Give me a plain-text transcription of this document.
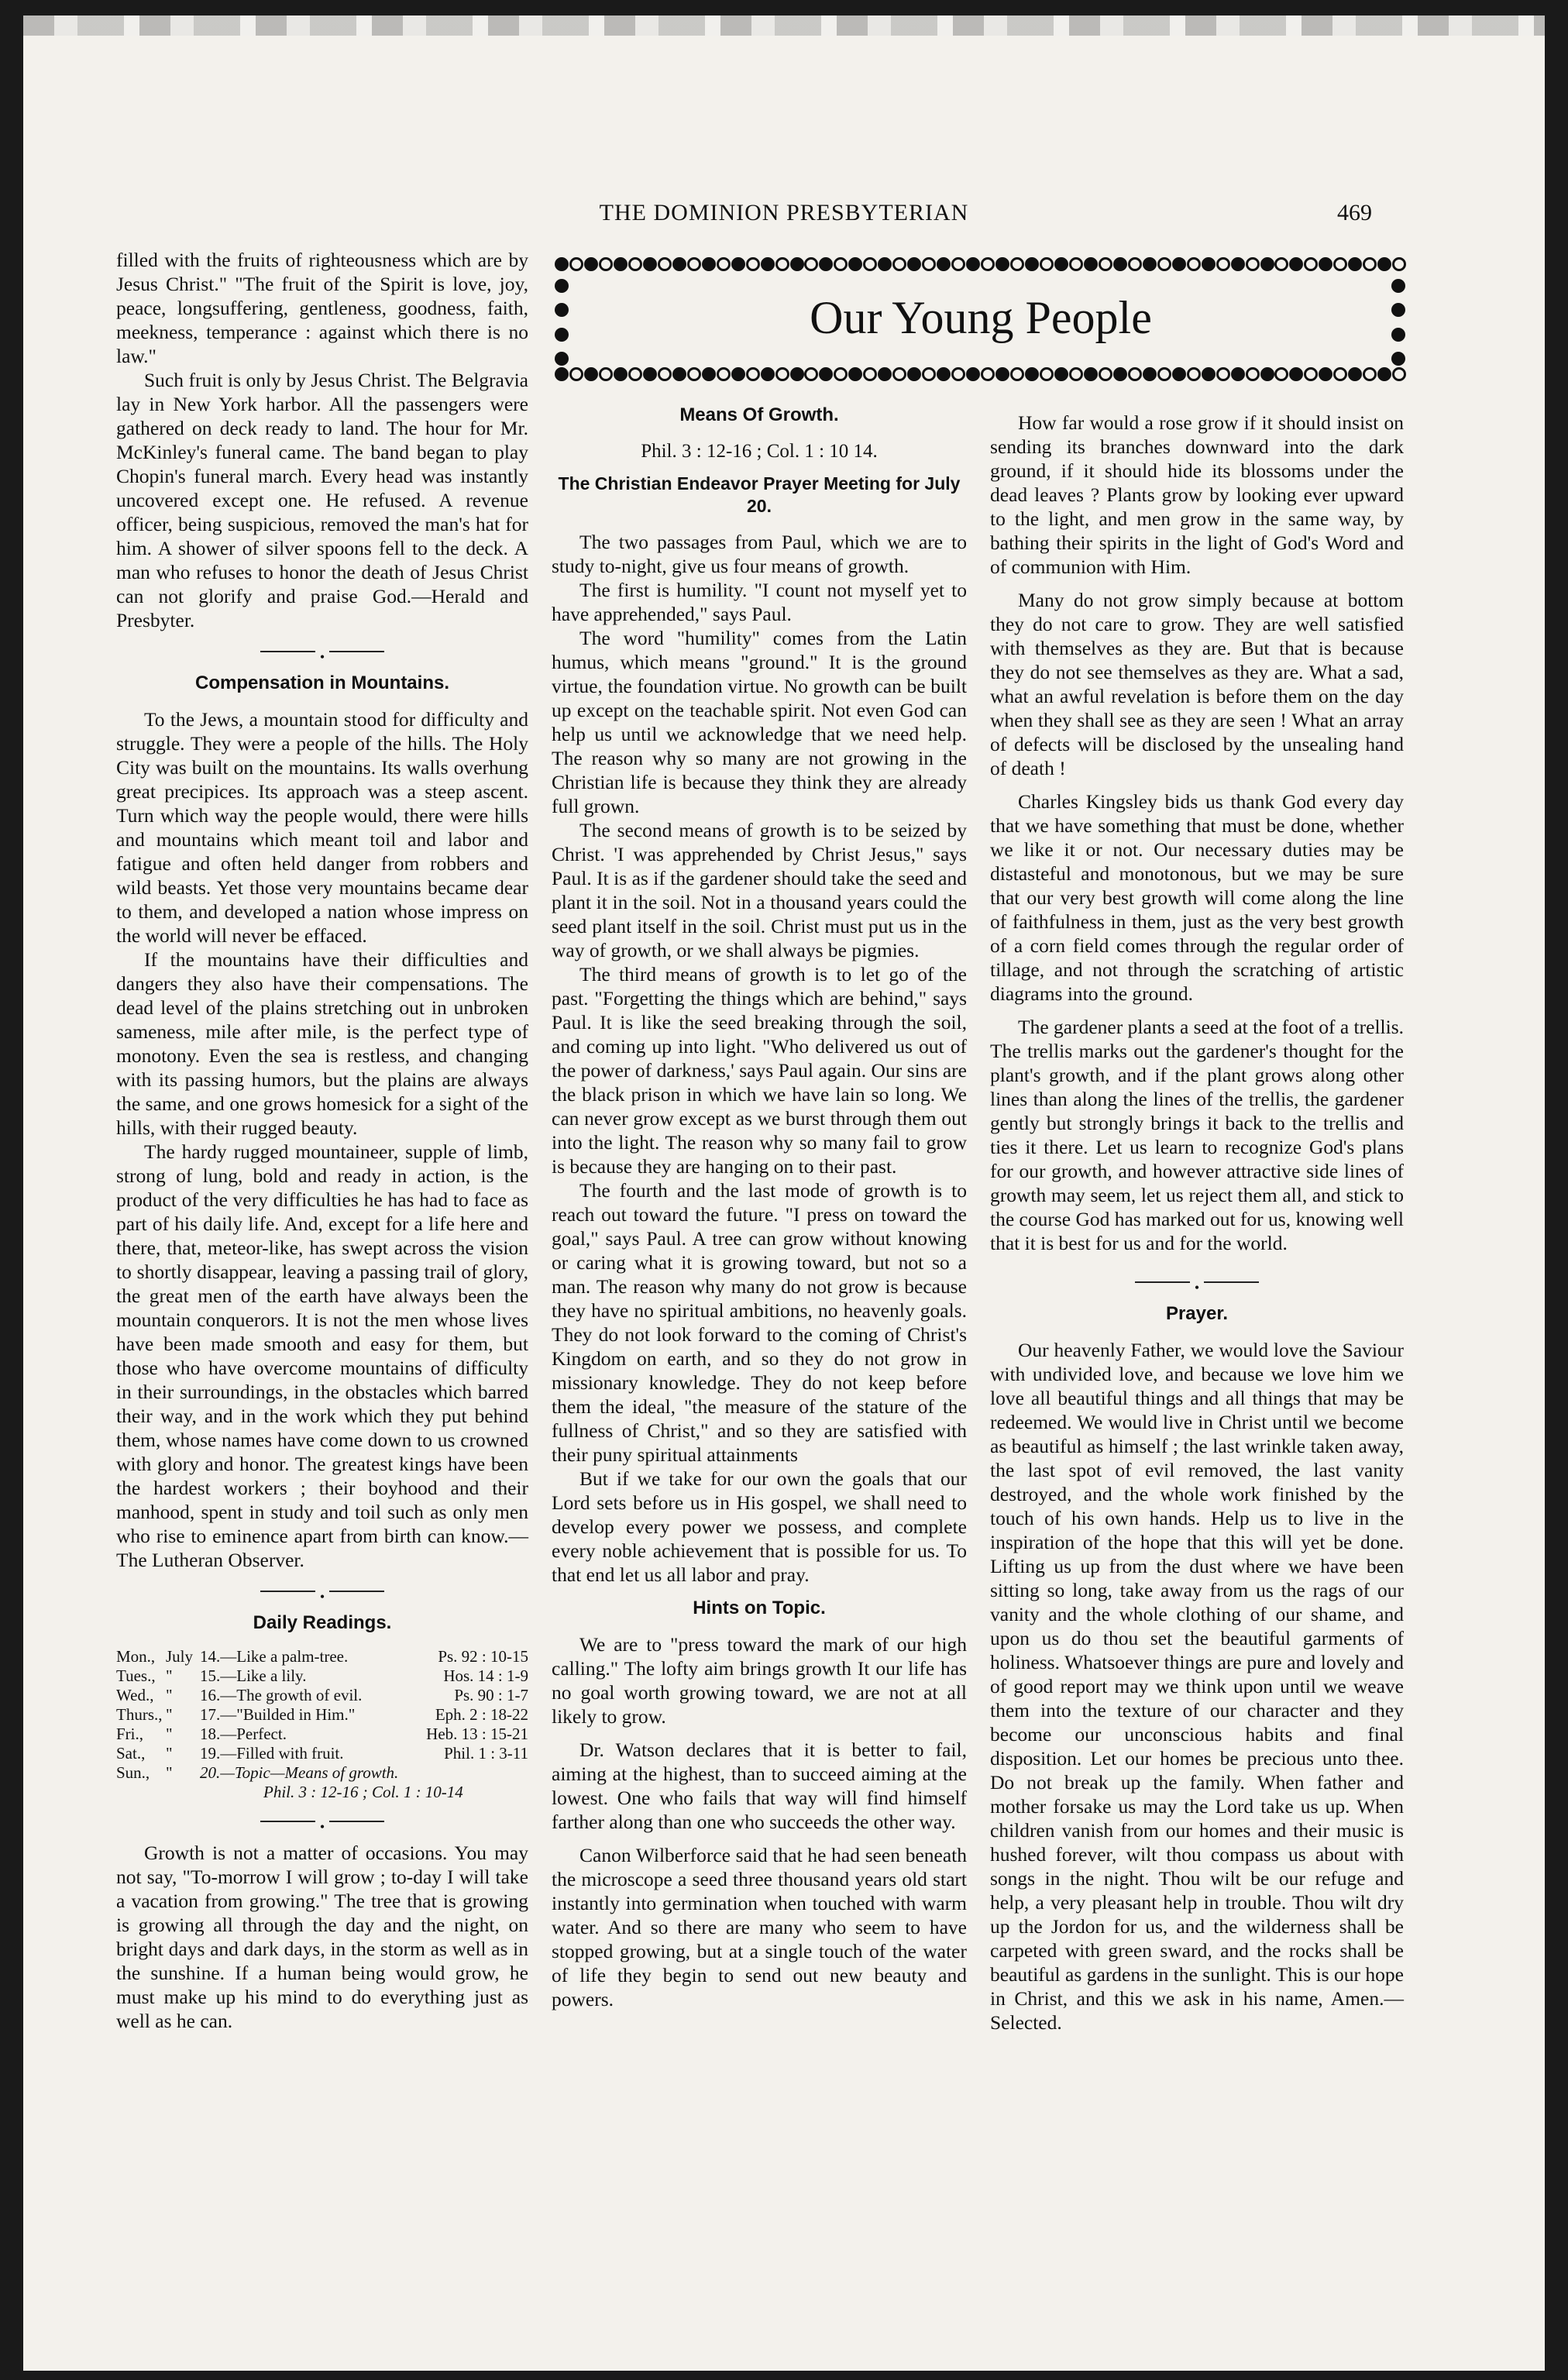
THE DOMINION PRESBYTERIAN	469
Our Young People

filled with the fruits of righteousness which are by Jesus Christ." "The fruit of the Spirit is love, joy, peace, longsuffering, gentleness, goodness, faith, meekness, temperance : against which there is no law."

Such fruit is only by Jesus Christ. The Belgravia lay in New York harbor. All the passengers were gathered on deck ready to land. The hour for Mr. McKinley's funeral came. The band began to play Chopin's funeral march. Every head was instantly uncovered except one. He refused. A revenue officer, being suspicious, removed the man's hat for him. A shower of silver spoons fell to the deck. A man who refuses to honor the death of Jesus Christ can not glorify and praise God.—Herald and Presbyter.

•
Compensation in Mountains.

To the Jews, a mountain stood for difficulty and struggle. They were a people of the hills. The Holy City was built on the mountains. Its walls overhung great precipices. Its approach was a steep ascent. Turn which way the people would, there were hills and mountains which meant toil and labor and fatigue and often held danger from robbers and wild beasts. Yet those very mountains became dear to them, and developed a nation whose impress on the world will never be effaced.

If the mountains have their difficulties and dangers they also have their compensations. The dead level of the plains stretching out in unbroken sameness, mile after mile, is the perfect type of monotony. Even the sea is restless, and changing with its passing humors, but the plains are always the same, and one grows homesick for a sight of the hills, with their rugged beauty.

The hardy rugged mountaineer, supple of limb, strong of lung, bold and ready in action, is the product of the very difficulties he has had to face as part of his daily life. And, except for a life here and there, that, meteor-like, has swept across the vision to shortly disappear, leaving a passing trail of glory, the great men of the earth have always been the mountain conquerors. It is not the men whose lives have been made smooth and easy for them, but those who have overcome mountains of difficulty in their surroundings, in the obstacles which barred their way, and in the work which they put behind them, whose names have come down to us crowned with glory and honor. The greatest kings have been the hardest workers ; their boyhood and their manhood, spent in study and toil such as only men who rise to eminence apart from birth can know.—The Lutheran Observer.

•
Daily Readings.
Mon., July 14.—Like a palm-tree.	Ps. 92 : 10-15
Tues., "	15.—Like a lily.	Hos. 14 : 1-9
Wed., "	16.—The growth of evil.	Ps. 90 : 1-7
Thurs., "	17.—"Builded in Him."	Eph. 2 : 18-22
Fri.,	"	18.—Perfect.	Heb. 13 : 15-21
Sat.,	"	19.—Filled with fruit.	Phil. 1 : 3-11
Sun., "	20.—Topic—Means of growth.
Phil. 3 : 12-16 ; Col. 1 : 10-14
•

Growth is not a matter of occasions. You may not say, "To-morrow I will grow ; to-day I will take a vacation from growing." The tree that is growing is growing all through the day and the night, on bright days and dark days, in the storm as well as in the sunshine. If a human being would grow, he must make up his mind to do everything just as well as he can.

Means Of Growth.
Phil. 3 : 12-16 ; Col. 1 : 10 14.
The Christian Endeavor Prayer Meeting for July 20.

The two passages from Paul, which we are to study to-night, give us four means of growth.

The first is humility. "I count not myself yet to have apprehended," says Paul.

The word "humility" comes from the Latin humus, which means "ground." It is the ground virtue, the foundation virtue. No growth can be built up except on the teachable spirit. Not even God can help us until we acknowledge that we need help. The reason why so many are not growing in the Christian life is because they think they are already full grown.

The second means of growth is to be seized by Christ. 'I was apprehended by Christ Jesus," says Paul. It is as if the gardener should take the seed and plant it in the soil. Not in a thousand years could the seed plant itself in the soil. Christ must put us in the way of growth, or we shall always be pigmies.

The third means of growth is to let go of the past. "Forgetting the things which are behind," says Paul. It is like the seed breaking through the soil, and coming up into light. "Who delivered us out of the power of darkness,' says Paul again. Our sins are the black prison in which we have lain so long. We can never grow except as we burst through them out into the light. The reason why so many fail to grow is because they are hanging on to their past.

The fourth and the last mode of growth is to reach out toward the future. "I press on toward the goal," says Paul. A tree can grow without knowing or caring what it is growing toward, but not so a man. The reason why many do not grow is because they have no spiritual ambitions, no heavenly goals. They do not look forward to the coming of Christ's Kingdom on earth, and so they do not grow in missionary knowledge. They do not keep before them the ideal, "the measure of the stature of the fullness of Christ," and so they are satisfied with their puny spiritual attainments

But if we take for our own the goals that our Lord sets before us in His gospel, we shall need to develop every power we possess, and complete every noble achievement that is possible for us. To that end let us all labor and pray.

Hints on Topic.

We are to "press toward the mark of our high calling." The lofty aim brings growth It our life has no goal worth growing toward, we are not at all likely to grow.

Dr. Watson declares that it is better to fail, aiming at the highest, than to succeed aiming at the lowest. One who fails that way will find himself farther along than one who succeeds the other way.

Canon Wilberforce said that he had seen beneath the microscope a seed three thousand years old start instantly into germination when touched with warm water. And so there are many who seem to have stopped growing, but at a single touch of the water of life they begin to send out new beauty and powers.

How far would a rose grow if it should insist on sending its branches downward into the dark ground, if it should hide its blossoms under the dead leaves ? Plants grow by looking ever upward to the light, and men grow in the same way, by bathing their spirits in the light of God's Word and of communion with Him.

Many do not grow simply because at bottom they do not care to grow. They are well satisfied with themselves as they are. But that is because they do not see themselves as they are. What a sad, what an awful revelation is before them on the day when they shall see as they are seen ! What an array of defects will be disclosed by the unsealing hand of death !

Charles Kingsley bids us thank God every day that we have something that must be done, whether we like it or not. Our necessary duties may be distasteful and monotonous, but we may be sure that our very best growth will come along the line of faithfulness in them, just as the very best growth of a corn field comes through the regular order of tillage, and not through the scratching of artistic diagrams into the ground.

The gardener plants a seed at the foot of a trellis. The trellis marks out the gardener's thought for the plant's growth, and if the plant grows along other lines than along the lines of the trellis, the gardener gently but strongly brings it back to the trellis and ties it there. Let us learn to recognize God's plans for our growth, and however attractive side lines of growth may seem, let us reject them all, and stick to the course God has marked out for us, knowing well that it is best for us and for the world.

•
Prayer.

Our heavenly Father, we would love the Saviour with undivided love, and because we love him we love all beautiful things and all things that may be redeemed. We would live in Christ until we become as beautiful as himself ; the last wrinkle taken away, the last spot of evil removed, the last vanity destroyed, and the whole work finished by the touch of his own hands. Help us to live in the inspiration of the hope that this will yet be done. Lifting us up from the dust where we have been sitting so long, take away from us the rags of our vanity and the whole clothing of our shame, and upon us do thou set the beautiful garments of holiness. Whatsoever things are pure and lovely and of good report may we think upon until we weave them into the texture of our character and they become our unconscious habits and final disposition. Let our homes be precious unto thee. Do not break up the family. When father and mother forsake us may the Lord take us up. When children vanish from our homes and their music is hushed forever, wilt thou compass us about with songs in the night. Thou wilt be our refuge and help, a very pleasant help in trouble. Thou wilt dry up the Jordon for us, and the wilderness shall be carpeted with green sward, and the rocks shall be beautiful as gardens in the sunlight. This is our hope in Christ, and this we ask in his name, Amen.—Selected.
